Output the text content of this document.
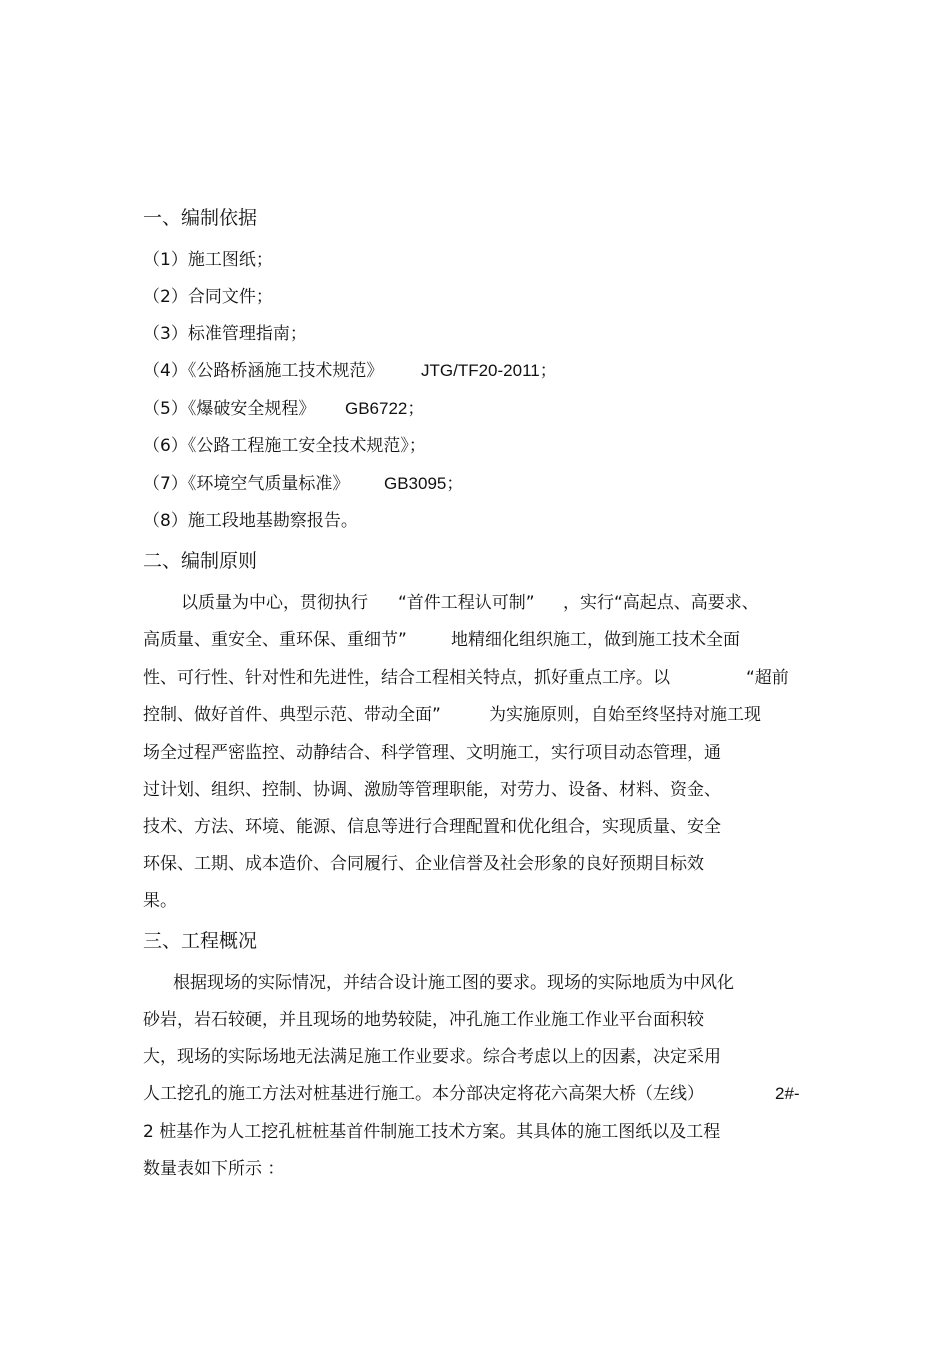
一、编制依据
（1）施工图纸；
（2）合同文件；
（3）标准管理指南；
（4）《公路桥涵施工技术规范》 JTG/TF20-2011；
（5）《爆破安全规程》 GB6722；
（6）《公路工程施工安全技术规范》；
（7）《环境空气质量标准》 GB3095；
（8）施工段地基勘察报告。
二、编制原则
以质量为中心，贯彻执行 “首件工程认可制” ，实行“高起点、高要求、
高质量、重安全、重环保、重细节”	地精细化组织施工，做到施工技术全面
性、可行性、针对性和先进性，结合工程相关特点，抓好重点工序。以	“超前
控制、做好首件、典型示范、带动全面”	为实施原则，自始至终坚持对施工现
场全过程严密监控、动静结合、科学管理、文明施工，实行项目动态管理，通
过计划、组织、控制、协调、激励等管理职能，对劳力、设备、材料、资金、
技术、方法、环境、能源、信息等进行合理配置和优化组合，实现质量、安全
环保、工期、成本造价、合同履行、企业信誉及社会形象的良好预期目标效
果。
三、工程概况
根据现场的实际情况，并结合设计施工图的要求。现场的实际地质为中风化
砂岩，岩石较硬，并且现场的地势较陡，冲孔施工作业施工作业平台面积较
大，现场的实际场地无法满足施工作业要求。综合考虑以上的因素，决定采用
人工挖孔的施工方法对桩基进行施工。本分部决定将花六高架大桥（左线）	2#-
2 桩基作为人工挖孔桩桩基首件制施工技术方案。其具体的施工图纸以及工程
数量表如下所示 ：
